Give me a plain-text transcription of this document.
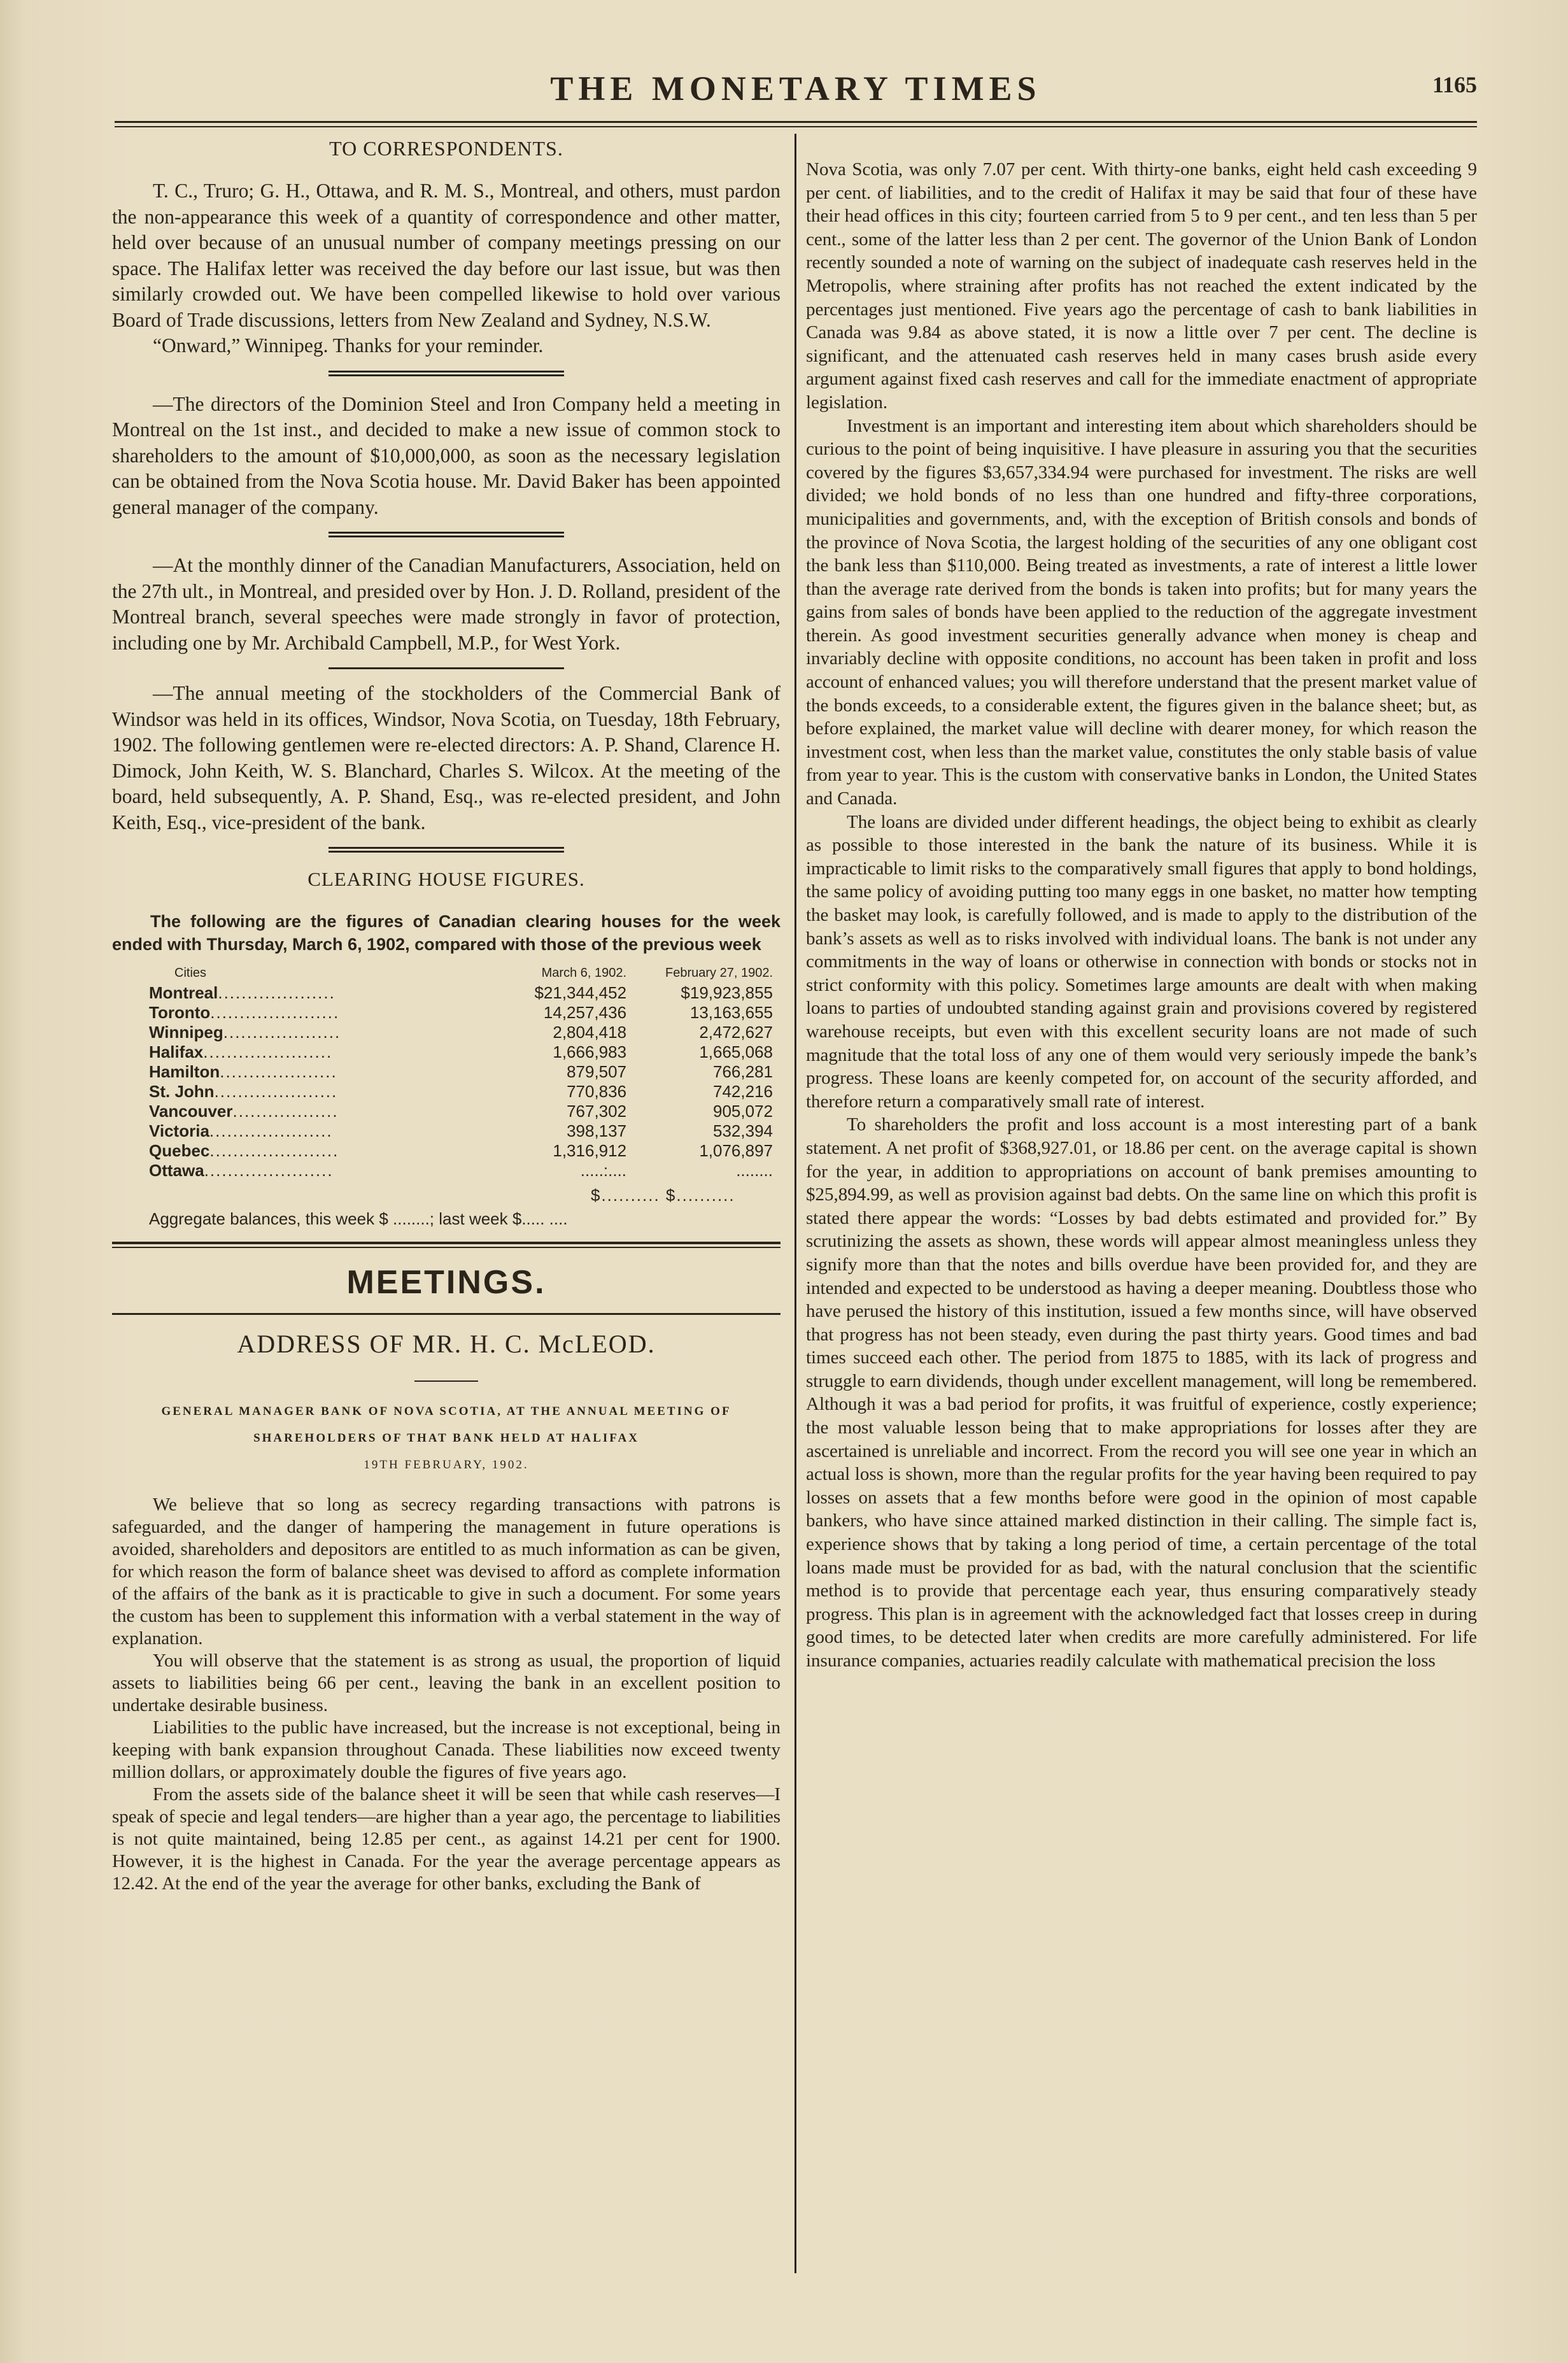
THE MONETARY TIMES	1165
TO CORRESPONDENTS.

T. C., Truro; G. H., Ottawa, and R. M. S., Montreal, and others, must pardon the non-appearance this week of a quantity of correspondence and other matter, held over because of an unusual number of company meetings pressing on our space. The Halifax letter was received the day before our last issue, but was then similarly crowded out. We have been compelled likewise to hold over various Board of Trade discussions, letters from New Zealand and Sydney, N.S.W.

“Onward,” Winnipeg. Thanks for your reminder.

—The directors of the Dominion Steel and Iron Company held a meeting in Montreal on the 1st inst., and decided to make a new issue of common stock to shareholders to the amount of $10,000,000, as soon as the necessary legislation can be obtained from the Nova Scotia house. Mr. David Baker has been appointed general manager of the company.

—At the monthly dinner of the Canadian Manufacturers, Association, held on the 27th ult., in Montreal, and presided over by Hon. J. D. Rolland, president of the Montreal branch, several speeches were made strongly in favor of protection, including one by Mr. Archibald Campbell, M.P., for West York.

—The annual meeting of the stockholders of the Commercial Bank of Windsor was held in its offices, Windsor, Nova Scotia, on Tuesday, 18th February, 1902. The following gentlemen were re-elected directors: A. P. Shand, Clarence H. Dimock, John Keith, W. S. Blanchard, Charles S. Wilcox. At the meeting of the board, held subsequently, A. P. Shand, Esq., was re-elected president, and John Keith, Esq., vice-president of the bank.

CLEARING HOUSE FIGURES.
The following are the figures of Canadian clearing houses for the week ended with Thursday, March 6, 1902, compared with those of the previous week
Cities	March 6, 1902.	February 27, 1902.
Montreal....................	$21,344,452	$19,923,855
Toronto......................	14,257,436	13,163,655
Winnipeg....................	2,804,418	2,472,627
Halifax......................	1,666,983	1,665,068
Hamilton....................	879,507	766,281
St. John.....................	770,836	742,216
Vancouver..................	767,302	905,072
Victoria.....................	398,137	532,394
Quebec......................	1,316,912	1,076,897
Ottawa......................	.....:....	........
$.......... $..........
Aggregate balances, this week $ ........; last week $..... ....
MEETINGS.
ADDRESS OF MR. H. C. McLEOD.
GENERAL MANAGER BANK OF NOVA SCOTIA, AT THE ANNUAL MEETING OF
SHAREHOLDERS OF THAT BANK HELD AT HALIFAX
19TH FEBRUARY, 1902.

We believe that so long as secrecy regarding transactions with patrons is safeguarded, and the danger of hampering the management in future operations is avoided, shareholders and depositors are entitled to as much information as can be given, for which reason the form of balance sheet was devised to afford as complete information of the affairs of the bank as it is practicable to give in such a document. For some years the custom has been to supplement this information with a verbal statement in the way of explanation.

You will observe that the statement is as strong as usual, the proportion of liquid assets to liabilities being 66 per cent., leaving the bank in an excellent position to undertake desirable business.

Liabilities to the public have increased, but the increase is not exceptional, being in keeping with bank expansion throughout Canada. These liabilities now exceed twenty million dollars, or approximately double the figures of five years ago.

From the assets side of the balance sheet it will be seen that while cash reserves—I speak of specie and legal tenders—are higher than a year ago, the percentage to liabilities is not quite maintained, being 12.85 per cent., as against 14.21 per cent for 1900. However, it is the highest in Canada. For the year the average percentage appears as 12.42. At the end of the year the average for other banks, excluding the Bank of

Nova Scotia, was only 7.07 per cent. With thirty-one banks, eight held cash exceeding 9 per cent. of liabilities, and to the credit of Halifax it may be said that four of these have their head offices in this city; fourteen carried from 5 to 9 per cent., and ten less than 5 per cent., some of the latter less than 2 per cent. The governor of the Union Bank of London recently sounded a note of warning on the subject of inadequate cash reserves held in the Metropolis, where straining after profits has not reached the extent indicated by the percentages just mentioned. Five years ago the percentage of cash to bank liabilities in Canada was 9.84 as above stated, it is now a little over 7 per cent. The decline is significant, and the attenuated cash reserves held in many cases brush aside every argument against fixed cash reserves and call for the immediate enactment of appropriate legislation.

Investment is an important and interesting item about which shareholders should be curious to the point of being inquisitive. I have pleasure in assuring you that the securities covered by the figures $3,657,334.94 were purchased for investment. The risks are well divided; we hold bonds of no less than one hundred and fifty-three corporations, municipalities and governments, and, with the exception of British consols and bonds of the province of Nova Scotia, the largest holding of the securities of any one obligant cost the bank less than $110,000. Being treated as investments, a rate of interest a little lower than the average rate derived from the bonds is taken into profits; but for many years the gains from sales of bonds have been applied to the reduction of the aggregate investment therein. As good investment securities generally advance when money is cheap and invariably decline with opposite conditions, no account has been taken in profit and loss account of enhanced values; you will therefore understand that the present market value of the bonds exceeds, to a considerable extent, the figures given in the balance sheet; but, as before explained, the market value will decline with dearer money, for which reason the investment cost, when less than the market value, constitutes the only stable basis of value from year to year. This is the custom with conservative banks in London, the United States and Canada.

The loans are divided under different headings, the object being to exhibit as clearly as possible to those interested in the bank the nature of its business. While it is impracticable to limit risks to the comparatively small figures that apply to bond holdings, the same policy of avoiding putting too many eggs in one basket, no matter how tempting the basket may look, is carefully followed, and is made to apply to the distribution of the bank’s assets as well as to risks involved with individual loans. The bank is not under any commitments in the way of loans or otherwise in connection with bonds or stocks not in strict conformity with this policy. Sometimes large amounts are dealt with when making loans to parties of undoubted standing against grain and provisions covered by registered warehouse receipts, but even with this excellent security loans are not made of such magnitude that the total loss of any one of them would very seriously impede the bank’s progress. These loans are keenly competed for, on account of the security afforded, and therefore return a comparatively small rate of interest.

To shareholders the profit and loss account is a most interesting part of a bank statement. A net profit of $368,927.01, or 18.86 per cent. on the average capital is shown for the year, in addition to appropriations on account of bank premises amounting to $25,894.99, as well as provision against bad debts. On the same line on which this profit is stated there appear the words: “Losses by bad debts estimated and provided for.” By scrutinizing the assets as shown, these words will appear almost meaningless unless they signify more than that the notes and bills overdue have been provided for, and they are intended and expected to be understood as having a deeper meaning. Doubtless those who have perused the history of this institution, issued a few months since, will have observed that progress has not been steady, even during the past thirty years. Good times and bad times succeed each other. The period from 1875 to 1885, with its lack of progress and struggle to earn dividends, though under excellent management, will long be remembered. Although it was a bad period for profits, it was fruitful of experience, costly experience; the most valuable lesson being that to make appropriations for losses after they are ascertained is unreliable and incorrect. From the record you will see one year in which an actual loss is shown, more than the regular profits for the year having been required to pay losses on assets that a few months before were good in the opinion of most capable bankers, who have since attained marked distinction in their calling. The simple fact is, experience shows that by taking a long period of time, a certain percentage of the total loans made must be provided for as bad, with the natural conclusion that the scientific method is to provide that percentage each year, thus ensuring comparatively steady progress. This plan is in agreement with the acknowledged fact that losses creep in during good times, to be detected later when credits are more carefully administered. For life insurance companies, actuaries readily calculate with mathematical precision the loss
